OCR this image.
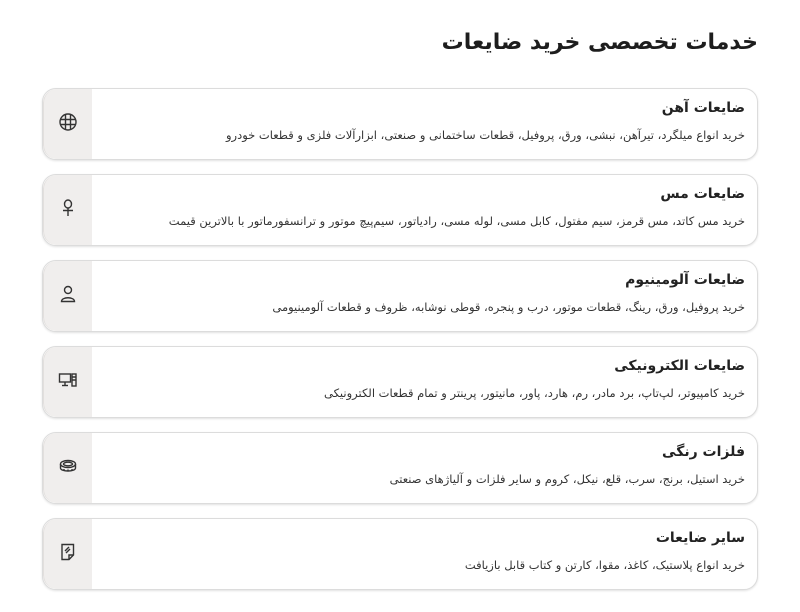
خدمات تخصصی خرید ضایعات
ضایعات آهن
خرید انواع میلگرد، تیرآهن، نبشی، ورق، پروفیل، قطعات ساختمانی و صنعتی، ابزارآلات فلزی و قطعات خودرو
ضایعات مس
خرید مس کاتد، مس قرمز، سیم مفتول، کابل مسی، لوله مسی، رادیاتور، سیم‌پیچ موتور و ترانسفورماتور با بالاترین قیمت
ضایعات آلومینیوم
خرید پروفیل، ورق، رینگ، قطعات موتور، درب و پنجره، قوطی نوشابه، ظروف و قطعات آلومینیومی
ضایعات الکترونیکی
خرید کامپیوتر، لپ‌تاپ، برد مادر، رم، هارد، پاور، مانیتور، پرینتر و تمام قطعات الکترونیکی
فلزات رنگی
خرید استیل، برنج، سرب، قلع، نیکل، کروم و سایر فلزات و آلیاژهای صنعتی
سایر ضایعات
خرید انواع پلاستیک، کاغذ، مقوا، کارتن و کتاب قابل بازیافت
